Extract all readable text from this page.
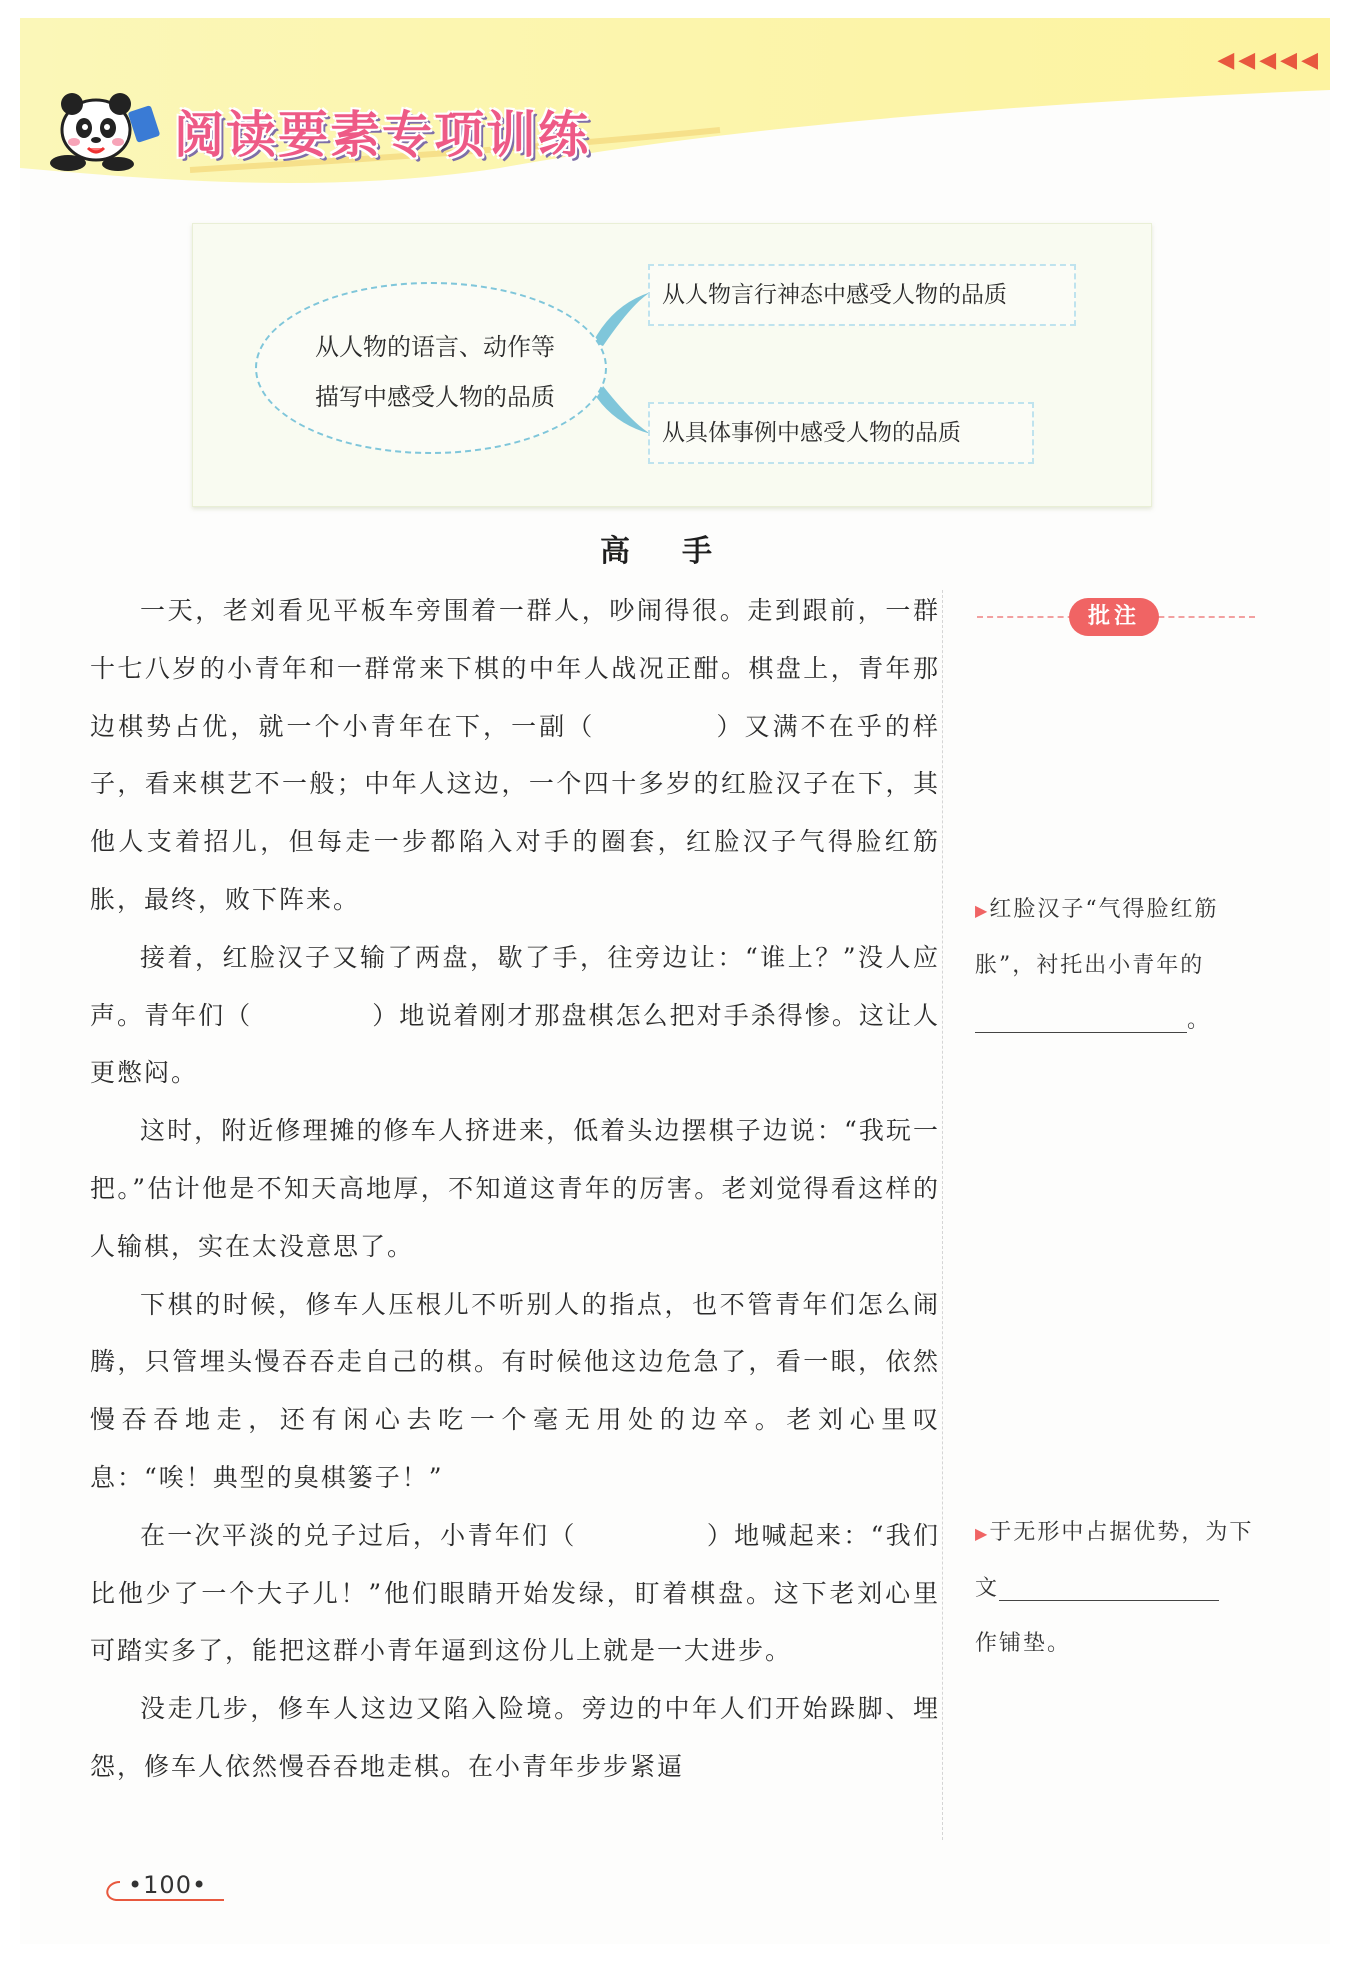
◀◀◀◀◀
阅读要素专项训练
从人物的语言、动作等
描写中感受人物的品质
从人物言行神态中感受人物的品质
从具体事例中感受人物的品质
高手

一天，老刘看见平板车旁围着一群人，吵闹得很。走到跟前，一群十七八岁的小青年和一群常来下棋的中年人战况正酣。棋盘上，青年那边棋势占优，就一个小青年在下，一副（	）又满不在乎的样子，看来棋艺不一般；中年人这边，一个四十多岁的红脸汉子在下，其他人支着招儿，但每走一步都陷入对手的圈套，红脸汉子气得脸红筋胀，最终，败下阵来。

接着，红脸汉子又输了两盘，歇了手，往旁边让：“谁上？”没人应声。青年们（	）地说着刚才那盘棋怎么把对手杀得惨。这让人更憋闷。

这时，附近修理摊的修车人挤进来，低着头边摆棋子边说：“我玩一把。”估计他是不知天高地厚，不知道这青年的厉害。老刘觉得看这样的人输棋，实在太没意思了。

下棋的时候，修车人压根儿不听别人的指点，也不管青年们怎么闹腾，只管埋头慢吞吞走自己的棋。有时候他这边危急了，看一眼，依然慢吞吞地走，还有闲心去吃一个毫无用处的边卒。老刘心里叹息：“唉！典型的臭棋篓子！”

在一次平淡的兑子过后，小青年们（	）地喊起来：“我们比他少了一个大子儿！”他们眼睛开始发绿，盯着棋盘。这下老刘心里可踏实多了，能把这群小青年逼到这份儿上就是一大进步。

没走几步，修车人这边又陷入险境。旁边的中年人们开始跺脚、埋怨，修车人依然慢吞吞地走棋。在小青年步步紧逼

批注
▶红脸汉子“气得脸红筋胀”，衬托出小青年的
。
▶于无形中占据优势，为下文
作铺垫。
•100•
